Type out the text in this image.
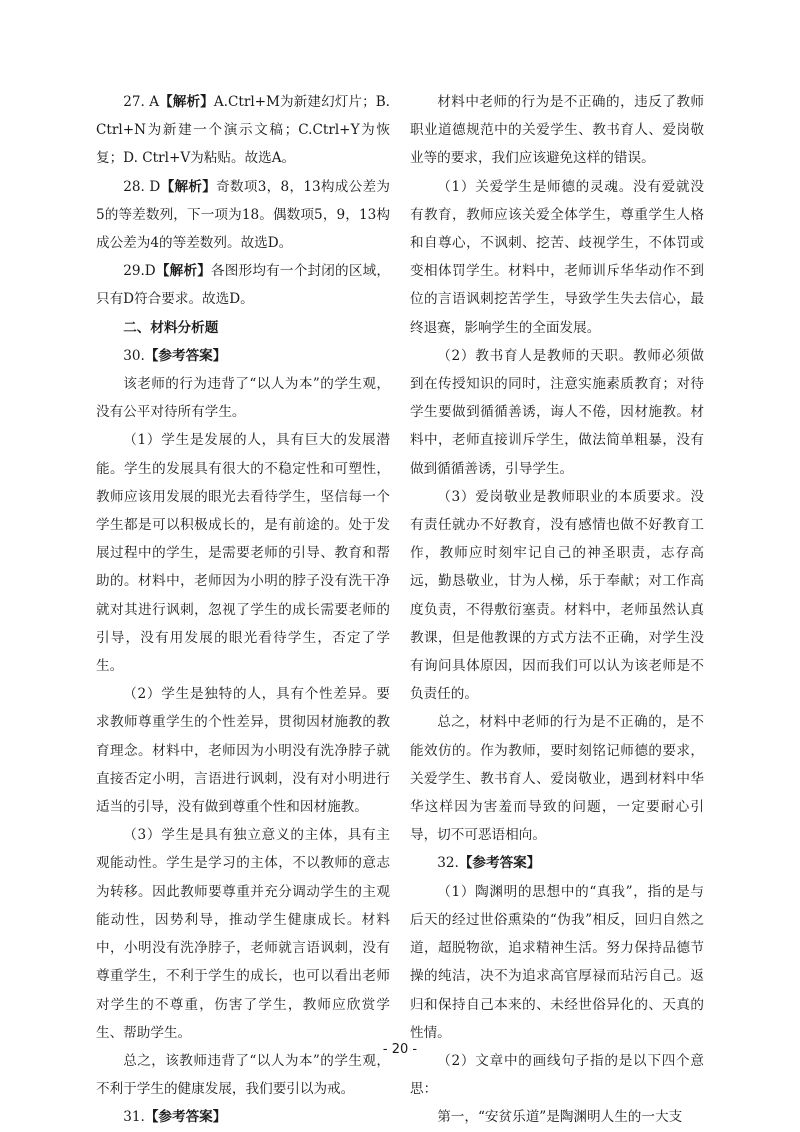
27. A【解析】A.Ctrl+M为新建幻灯片；B. Ctrl+N为新建一个演示文稿；C.Ctrl+Y为恢复；D. Ctrl+V为粘贴。故选A。

28. D【解析】奇数项3，8，13构成公差为5的等差数列，下一项为18。偶数项5，9，13构成公差为4的等差数列。故选D。

29.D【解析】各图形均有一个封闭的区域，只有D符合要求。故选D。

二、材料分析题

30.【参考答案】

该老师的行为违背了“以人为本”的学生观，没有公平对待所有学生。

（1）学生是发展的人，具有巨大的发展潜能。学生的发展具有很大的不稳定性和可塑性，教师应该用发展的眼光去看待学生，坚信每一个学生都是可以积极成长的，是有前途的。处于发展过程中的学生，是需要老师的引导、教育和帮助的。材料中，老师因为小明的脖子没有洗干净就对其进行讽刺，忽视了学生的成长需要老师的引导，没有用发展的眼光看待学生，否定了学生。

（2）学生是独特的人，具有个性差异。要求教师尊重学生的个性差异，贯彻因材施教的教育理念。材料中，老师因为小明没有洗净脖子就直接否定小明，言语进行讽刺，没有对小明进行适当的引导，没有做到尊重个性和因材施教。

（3）学生是具有独立意义的主体，具有主观能动性。学生是学习的主体，不以教师的意志为转移。因此教师要尊重并充分调动学生的主观能动性，因势利导，推动学生健康成长。材料中，小明没有洗净脖子，老师就言语讽刺，没有尊重学生，不利于学生的成长，也可以看出老师对学生的不尊重，伤害了学生，教师应欣赏学生、帮助学生。

总之，该教师违背了“以人为本”的学生观，不利于学生的健康发展，我们要引以为戒。

31.【参考答案】

材料中老师的行为是不正确的，违反了教师职业道德规范中的关爱学生、教书育人、爱岗敬业等的要求，我们应该避免这样的错误。

（1）关爱学生是师德的灵魂。没有爱就没有教育，教师应该关爱全体学生，尊重学生人格和自尊心，不讽刺、挖苦、歧视学生，不体罚或变相体罚学生。材料中，老师训斥华华动作不到位的言语讽刺挖苦学生，导致学生失去信心，最终退赛，影响学生的全面发展。

（2）教书育人是教师的天职。教师必须做到在传授知识的同时，注意实施素质教育；对待学生要做到循循善诱，诲人不倦，因材施教。材料中，老师直接训斥学生，做法简单粗暴，没有做到循循善诱，引导学生。

（3）爱岗敬业是教师职业的本质要求。没有责任就办不好教育，没有感情也做不好教育工作，教师应时刻牢记自己的神圣职责，志存高远，勤恳敬业，甘为人梯，乐于奉献；对工作高度负责，不得敷衍塞责。材料中，老师虽然认真教课，但是他教课的方式方法不正确，对学生没有询问具体原因，因而我们可以认为该老师是不负责任的。

总之，材料中老师的行为是不正确的，是不能效仿的。作为教师，要时刻铭记师德的要求，关爱学生、教书育人、爱岗敬业，遇到材料中华华这样因为害羞而导致的问题，一定要耐心引导，切不可恶语相向。

32.【参考答案】

（1）陶渊明的思想中的“真我”，指的是与后天的经过世俗熏染的“伪我”相反，回归自然之道，超脱物欲，追求精神生活。努力保持品德节操的纯洁，决不为追求高官厚禄而玷污自己。返归和保持自己本来的、未经世俗异化的、天真的性情。

（2）文章中的画线句子指的是以下四个意思：

第一，“安贫乐道”是陶渊明人生的一大支

- 20 -
